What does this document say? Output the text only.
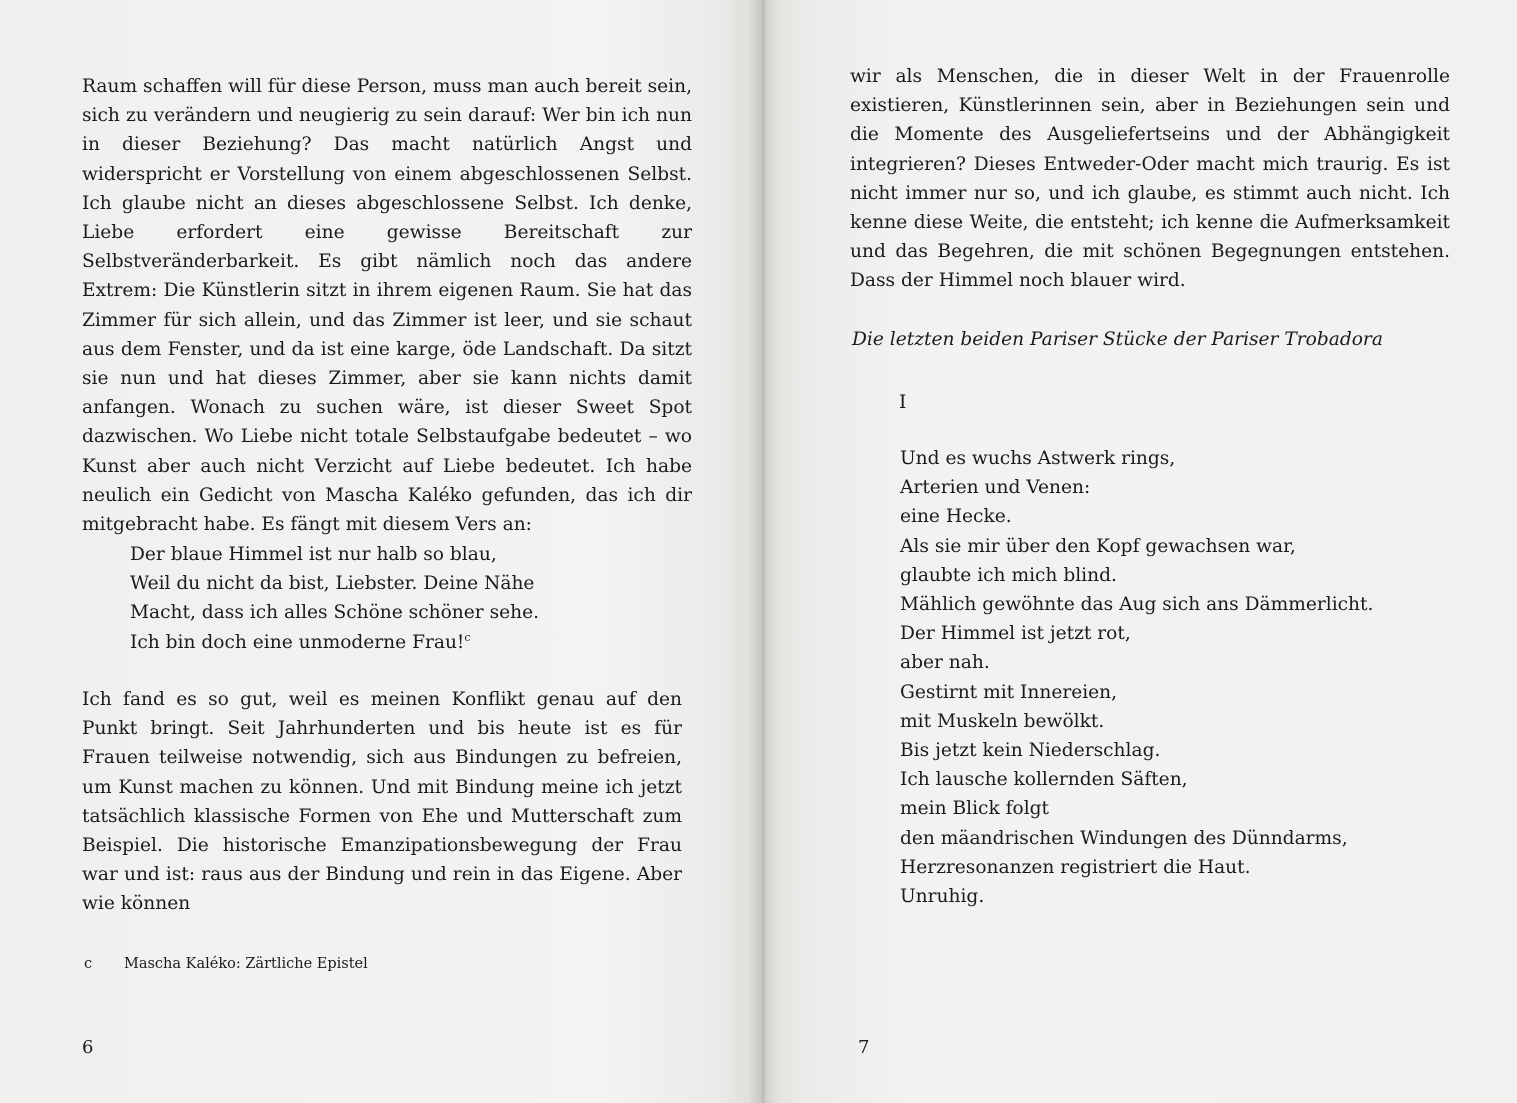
Raum schaffen will für diese Person, muss man auch bereit sein, sich zu verändern und neugierig zu sein darauf: Wer bin ich nun in dieser Beziehung? Das macht natürlich Angst und widerspricht er Vorstellung von einem abgeschlossenen Selbst. Ich glaube nicht an dieses abgeschlossene Selbst. Ich denke, Liebe erfordert eine gewisse Bereitschaft zur Selbstveränderbarkeit. Es gibt nämlich noch das andere Extrem: Die Künstlerin sitzt in ihrem eigenen Raum. Sie hat das Zimmer für sich allein, und das Zimmer ist leer, und sie schaut aus dem Fenster, und da ist eine karge, öde Landschaft. Da sitzt sie nun und hat dieses Zimmer, aber sie kann nichts damit anfangen. Wonach zu suchen wäre, ist dieser Sweet Spot dazwischen. Wo Liebe nicht totale Selbstaufgabe bedeutet – wo Kunst aber auch nicht Verzicht auf Liebe bedeutet. Ich habe neulich ein Gedicht von Mascha Kaléko gefunden, das ich dir mitgebracht habe. Es fängt mit diesem Vers an:

Der blaue Himmel ist nur halb so blau,
Weil du nicht da bist, Liebster. Deine Nähe
Macht, dass ich alles Schöne schöner sehe.
Ich bin doch eine unmoderne Frau!$^c$

Ich fand es so gut, weil es meinen Konflikt genau auf den Punkt bringt. Seit Jahrhunderten und bis heute ist es für Frauen teilweise notwendig, sich aus Bindungen zu befreien, um Kunst machen zu können. Und mit Bindung meine ich jetzt tatsächlich klassische Formen von Ehe und Mutterschaft zum Beispiel. Die historische Emanzipationsbewegung der Frau war und ist: raus aus der Bindung und rein in das Eigene. Aber wie können

c Mascha Kaléko: Zärtliche Epistel
6
wir als Menschen, die in dieser Welt in der Frauenrolle existieren, Künstlerinnen sein, aber in Beziehungen sein und die Momente des Ausgeliefertseins und der Abhängigkeit integrieren? Dieses Entweder-Oder macht mich traurig. Es ist nicht immer nur so, und ich glaube, es stimmt auch nicht. Ich kenne diese Weite, die entsteht; ich kenne die Aufmerksamkeit und das Begehren, die mit schönen Begegnungen entstehen. Dass der Himmel noch blauer wird.
Die letzten beiden Pariser Stücke der Pariser Trobadora
I
Und es wuchs Astwerk rings,
Arterien und Venen:
eine Hecke.
Als sie mir über den Kopf gewachsen war,
glaubte ich mich blind.
Mählich gewöhnte das Aug sich ans Dämmerlicht.
Der Himmel ist jetzt rot,
aber nah.
Gestirnt mit Innereien,
mit Muskeln bewölkt.
Bis jetzt kein Niederschlag.
Ich lausche kollernden Säften,
mein Blick folgt
den mäandrischen Windungen des Dünndarms,
Herzresonanzen registriert die Haut.
Unruhig.
7
